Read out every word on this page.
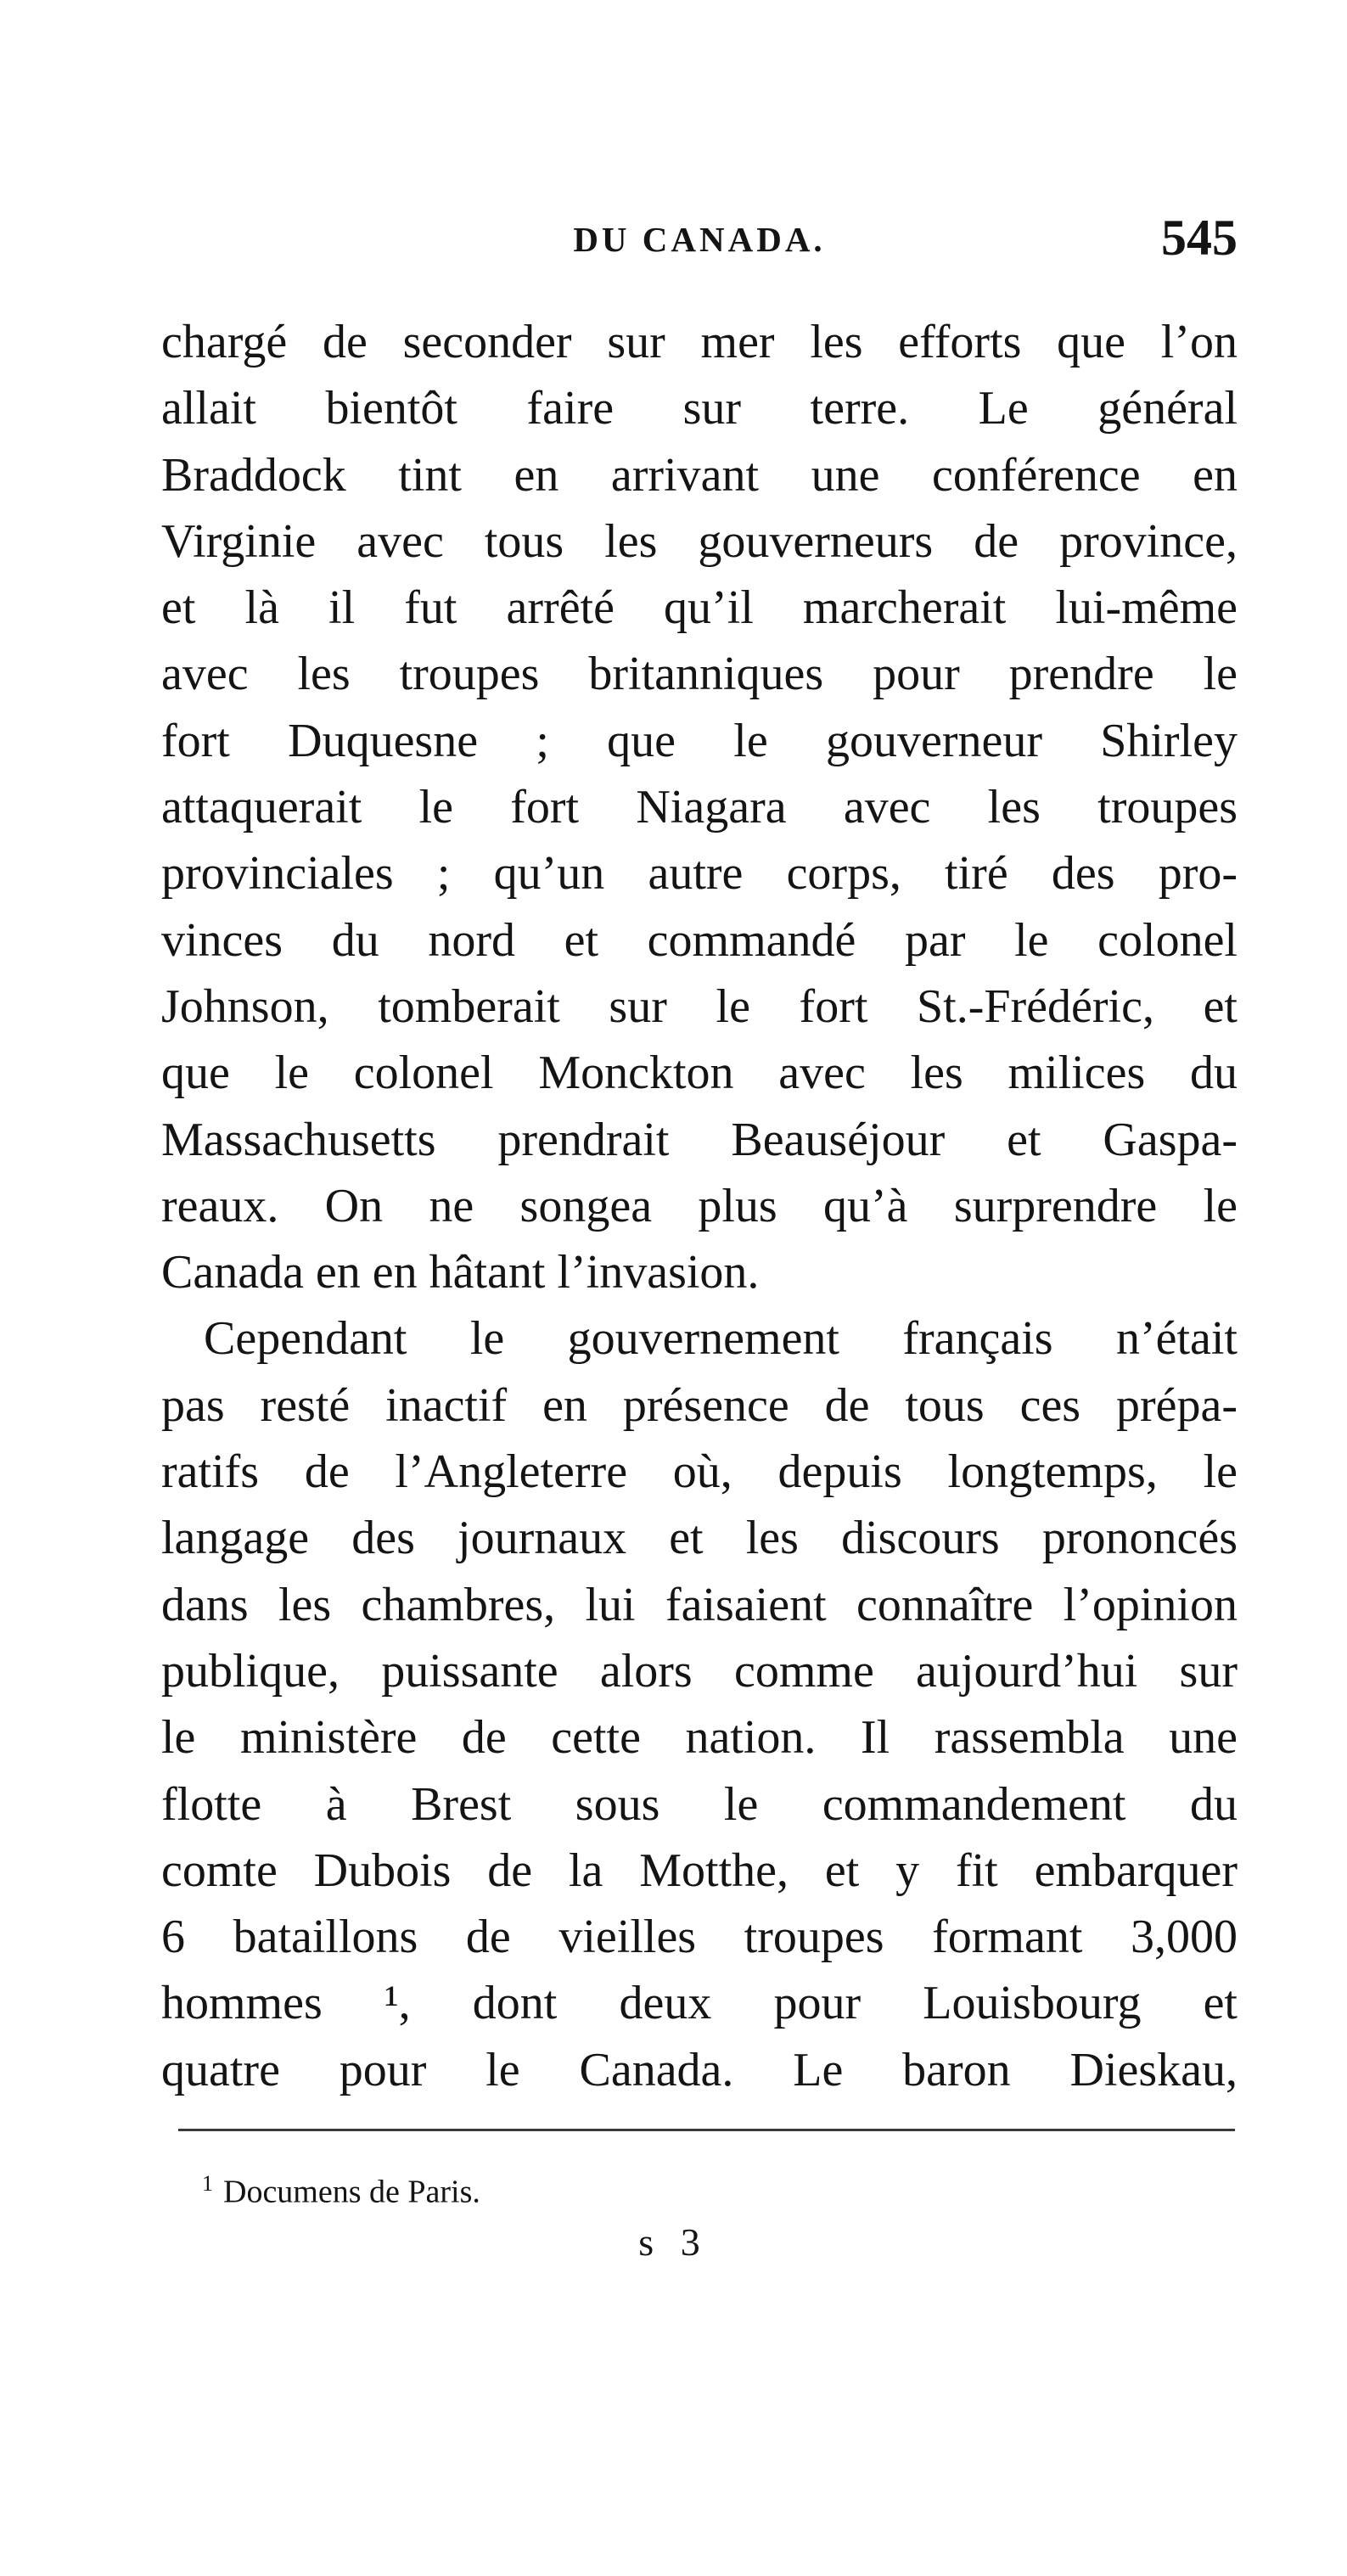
DU CANADA.	545
chargé de seconder sur mer les efforts que l’on
allait bientôt faire sur terre. Le général
Braddock tint en arrivant une conférence en
Virginie avec tous les gouverneurs de province,
et là il fut arrêté qu’il marcherait lui-même
avec les troupes britanniques pour prendre le
fort Duquesne ; que le gouverneur Shirley
attaquerait le fort Niagara avec les troupes
provinciales ; qu’un autre corps, tiré des pro-
vinces du nord et commandé par le colonel
Johnson, tomberait sur le fort St.-Frédéric, et
que le colonel Monckton avec les milices du
Massachusetts prendrait Beauséjour et Gaspa-
reaux. On ne songea plus qu’à surprendre le
Canada en en hâtant l’invasion.
Cependant le gouvernement français n’était
pas resté inactif en présence de tous ces prépa-
ratifs de l’Angleterre où, depuis longtemps, le
langage des journaux et les discours prononcés
dans les chambres, lui faisaient connaître l’opinion
publique, puissante alors comme aujourd’hui sur
le ministère de cette nation. Il rassembla une
flotte à Brest sous le commandement du
comte Dubois de la Motthe, et y fit embarquer
6 bataillons de vieilles troupes formant 3,000
hommes ¹, dont deux pour Louisbourg et
quatre pour le Canada. Le baron Dieskau,
$^1$ Documens de Paris.
s 3
